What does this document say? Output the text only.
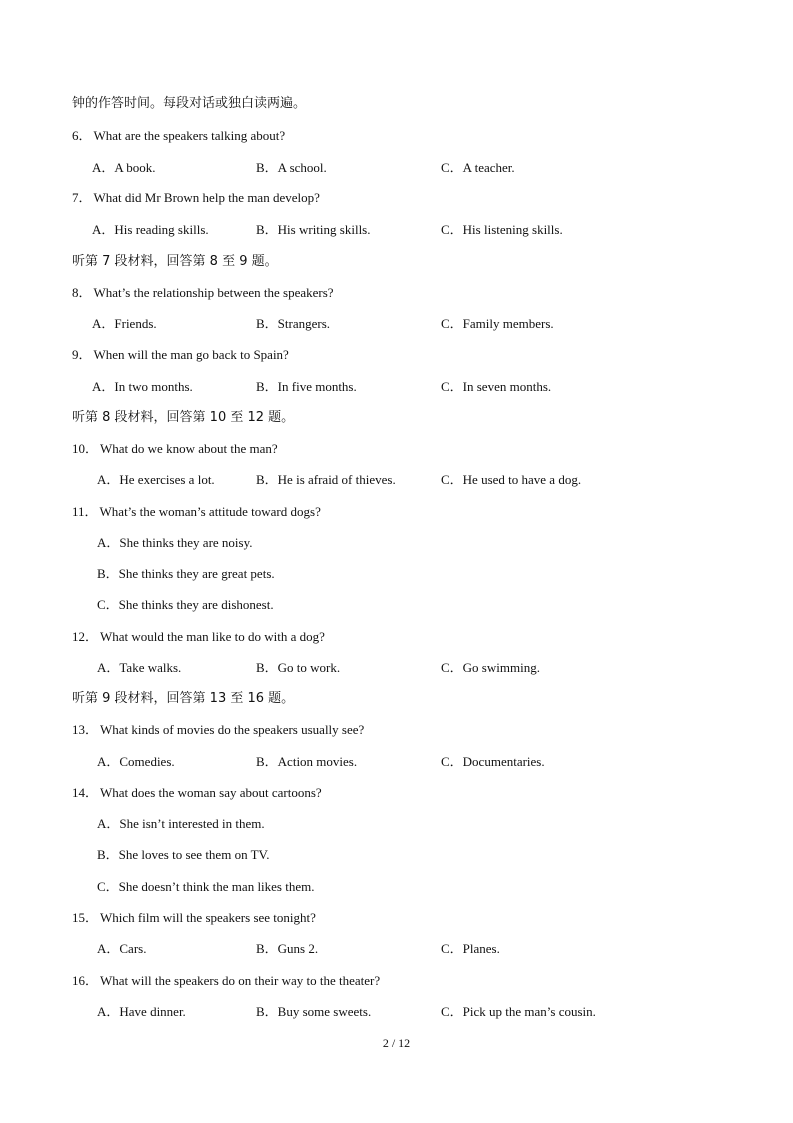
钟的作答时间。每段对话或独白读两遍。
6． What are the speakers talking about?
A．A book.	B．A school.	C．A teacher.
7． What did Mr Brown help the man develop?
A．His reading skills.	B．His writing skills.	C．His listening skills.
听第 7 段材料，回答第 8 至 9 题。
8． What’s the relationship between the speakers?
A．Friends.	B．Strangers.	C．Family members.
9． When will the man go back to Spain?
A．In two months.	B．In five months.	C．In seven months.
听第 8 段材料，回答第 10 至 12 题。
10． What do we know about the man?
A．He exercises a lot.	B．He is afraid of thieves.	C．He used to have a dog.
11． What’s the woman’s attitude toward dogs?
A．She thinks they are noisy.
B．She thinks they are great pets.
C．She thinks they are dishonest.
12． What would the man like to do with a dog?
A．Take walks.	B．Go to work.	C．Go swimming.
听第 9 段材料，回答第 13 至 16 题。
13． What kinds of movies do the speakers usually see?
A．Comedies.	B．Action movies.	C．Documentaries.
14． What does the woman say about cartoons?
A．She isn’t interested in them.
B．She loves to see them on TV.
C．She doesn’t think the man likes them.
15． Which film will the speakers see tonight?
A．Cars.	B．Guns 2.	C．Planes.
16． What will the speakers do on their way to the theater?
A．Have dinner.	B．Buy some sweets.	C．Pick up the man’s cousin.
2 / 12
